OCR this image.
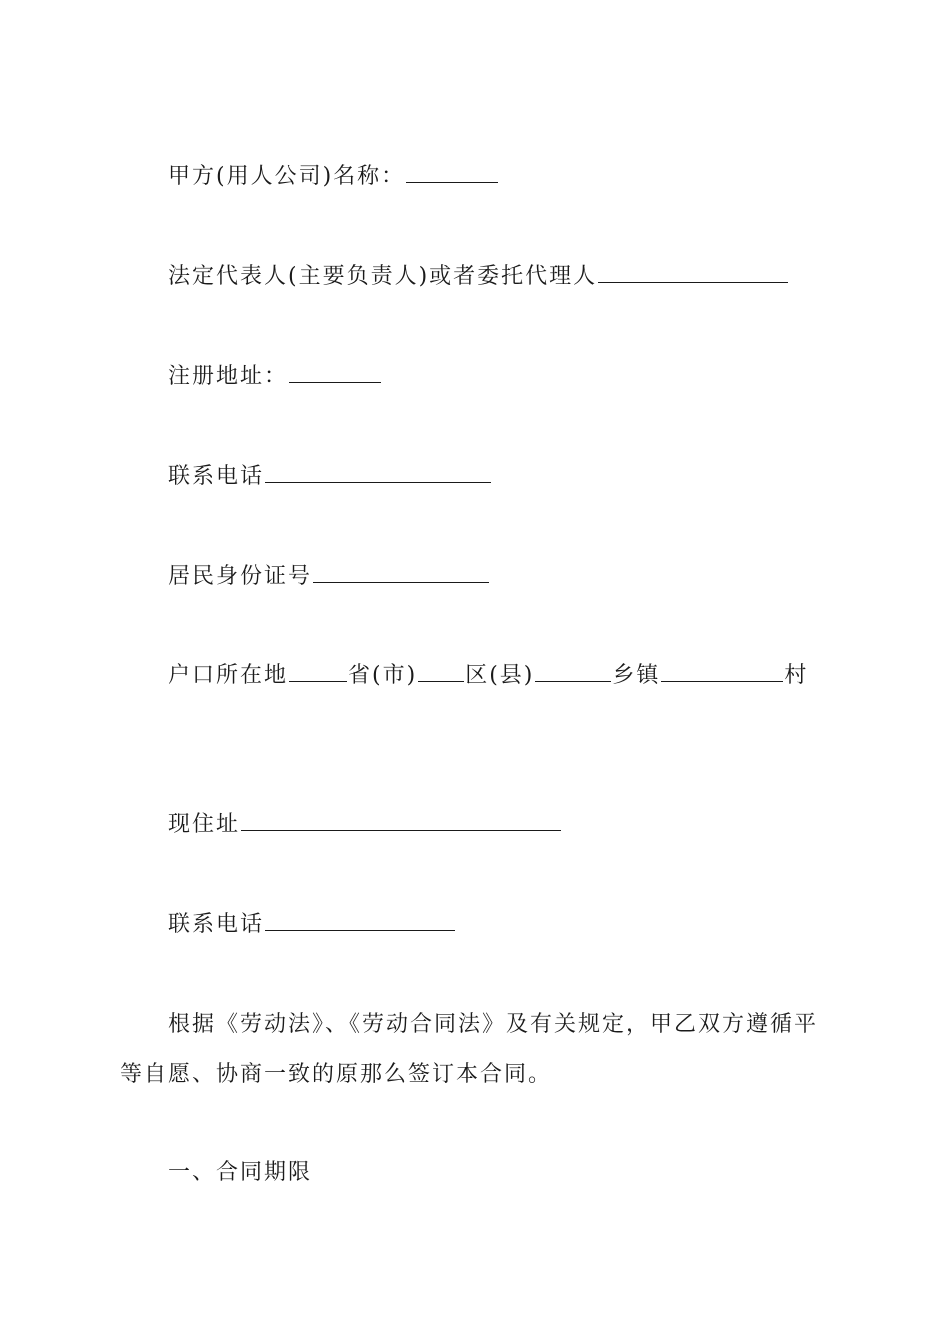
甲方(用人公司)名称：
法定代表人(主要负责人)或者委托代理人
注册地址：
联系电话
居民身份证号
户口所在地	省(市) 区(县)	乡镇	村
现住址
联系电话
根据《劳动法》、《劳动合同法》及有关规定，甲乙双方遵循平等自愿、协商一致的原那么签订本合同。
一、合同期限
